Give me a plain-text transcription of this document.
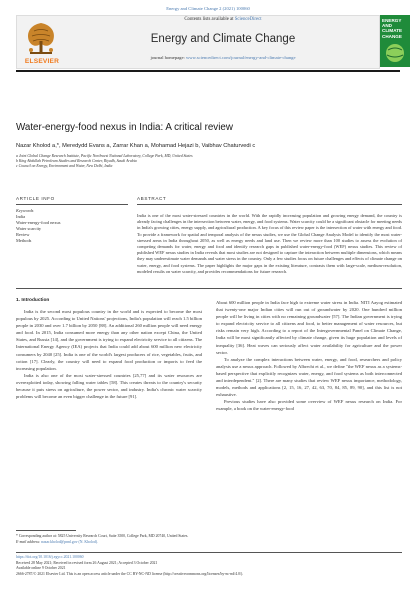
Energy and Climate Change 2 (2021) 100060
ELSEVIER
Contents lists available at ScienceDirect
Energy and Climate Change
journal homepage: www.sciencedirect.com/journal/energy-and-climate-change
ENERGY
AND
CLIMATE
CHANGE
Water-energy-food nexus in India: A critical review
Nazar Kholod a,*, Meredydd Evans a, Zarrar Khan a, Mohamad Hejazi b, Vaibhav Chaturvedi c
a Joint Global Change Research Institute, Pacific Northwest National Laboratory, College Park, MD, United States
b King Abdullah Petroleum Studies and Research Center, Riyadh, Saudi Arabia
c Council on Energy, Environment and Water, New Delhi, India
ARTICLE INFO
Keywords
India
Water-energy-food nexus
Water scarcity
Review
Methods
ABSTRACT
India is one of the most water-stressed countries in the world. With the rapidly increasing population and growing energy demand, the country is already facing challenges in the intersection between water, energy, and food systems. Water scarcity could be a significant obstacle for meeting needs in India's growing cities, energy supply, and agricultural production. A key focus of this review paper is the intersection of water with energy and food. To provide a framework for spatial and temporal analysis of the nexus studies, we use the Global Change Analysis Model to identify the most water-stressed areas in India throughout 2050, as well as energy needs and land use. Then we review more than 100 studies to assess the evolution of competing demands for water, energy and food and identify research gaps in published water-energy-food (WEF) nexus studies. This review of published WEF nexus studies in India reveals that most studies are not designed to capture the interaction between multiple dimensions, which means they may underestimate water demands and water stress in the country. Only a few studies focus on future challenges and effects of climate change on water, energy, and food systems. The paper highlights the major gaps in the existing literature, contrasts them with large-scale, medium-resolution, modeled results on water scarcity, and provides recommendations for future research.
1. Introduction

India is the second most populous country in the world and is expected to become the most populous by 2025. According to United Nations' projections, India's population will reach 1.5 billion people in 2030 and over 1.7 billion by 2050 [88]. An additional 260 million people will need energy and food. In 2015, India consumed more energy than any other nation except China, the United States, and Russia [14], and the government is trying to expand electricity service to all citizens. The International Energy Agency (IEA) projects that India could add about 600 million new electricity consumers by 2040 [25]. India is one of the world's largest producers of rice, vegetables, fruits, and cotton [17]. Clearly, the country will need to expand food production or imports to feed the increasing population.

India is also one of the most water-stressed countries [25,77] and its water resources are overexploited today, showing falling water tables [58]. This creates threats to the country's security because it puts stress on agriculture, the power sector, and industry. India's chronic water scarcity problems will become an even bigger challenge in the future [91].

About 600 million people in India face high to extreme water stress in India. NITI Aayog estimated that twenty-one major Indian cities will run out of groundwater by 2020. One hundred million people will be living in cities with no remaining groundwater [57]. The Indian government is trying to expand electricity service to all citizens and food, to better management of water resources, but risks remain very high. According to a report of the Intergovernmental Panel on Climate Change, India will be most significantly affected by climate change, given its huge population and levels of inequality [36]. Heat waves can seriously affect water availability for agriculture and the power sector.

To analyze the complex interactions between water, energy, and food, researchers and policy analysts use a nexus approach. Followed by Albrecht et al., we define "the WEF nexus as a systems-based perspective that explicitly recognizes water, energy, and food systems as both interconnected and interdependent." [2]. There are many studies that review WEF nexus importance, methodology, models, methods and applications [2, 15, 16, 27, 42, 63, 70, 84, 85, 89, 90], and this list is not exhaustive.

Previous studies have also provided some overview of WEF nexus research on India. For example, a book on the water-energy-food

* Corresponding author at: 5825 University Research Court, Suite 3500, College Park, MD 20740, United States.
E-mail address: nazar.kholod@pnnl.gov (N. Kholod).
https://doi.org/10.1016/j.egycc.2021.100060
Received 28 May 2021; Received in revised form 26 August 2021; Accepted 3 October 2021
Available online 9 October 2021
2666-2787/© 2021 Elsevier Ltd. This is an open access article under the CC BY-NC-ND license (http://creativecommons.org/licenses/by-nc-nd/4.0/).
